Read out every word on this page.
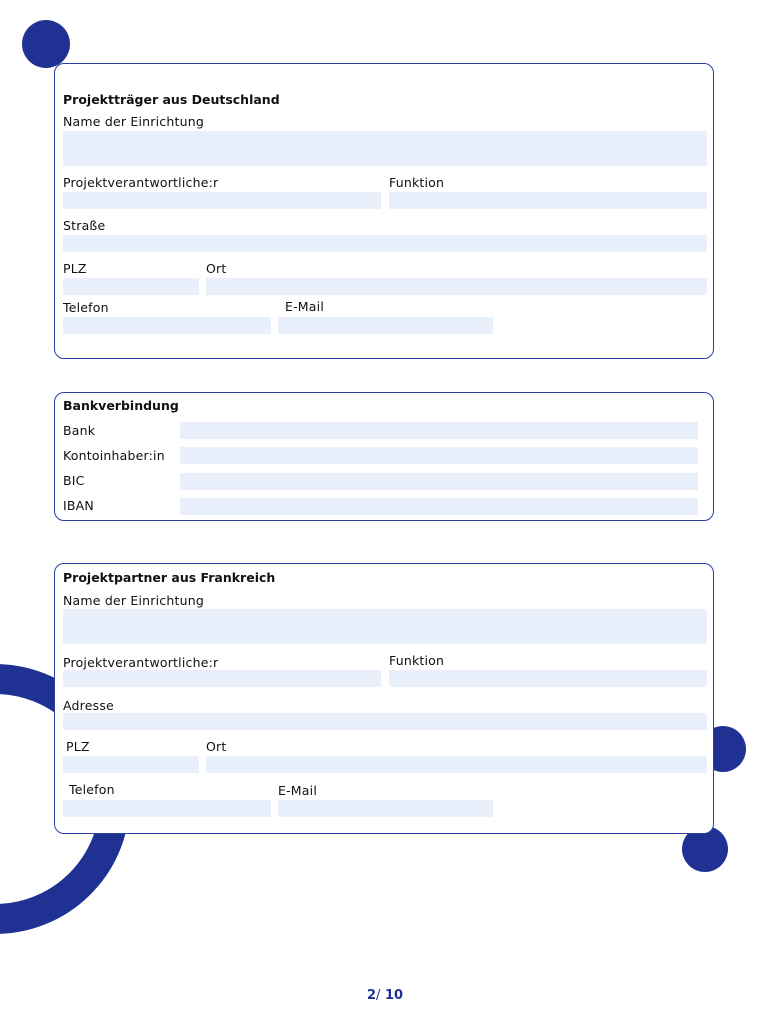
Projektträger aus Deutschland
Name der Einrichtung
Projektverantwortliche:r	Funktion
Straße
PLZ	Ort
Telefon	E-Mail
Bankverbindung
Bank
Kontoinhaber:in
BIC
IBAN
Projektpartner aus Frankreich
Name der Einrichtung
Projektverantwortliche:r	Funktion
Adresse
PLZ	Ort
Telefon	E-Mail
2/ 10
